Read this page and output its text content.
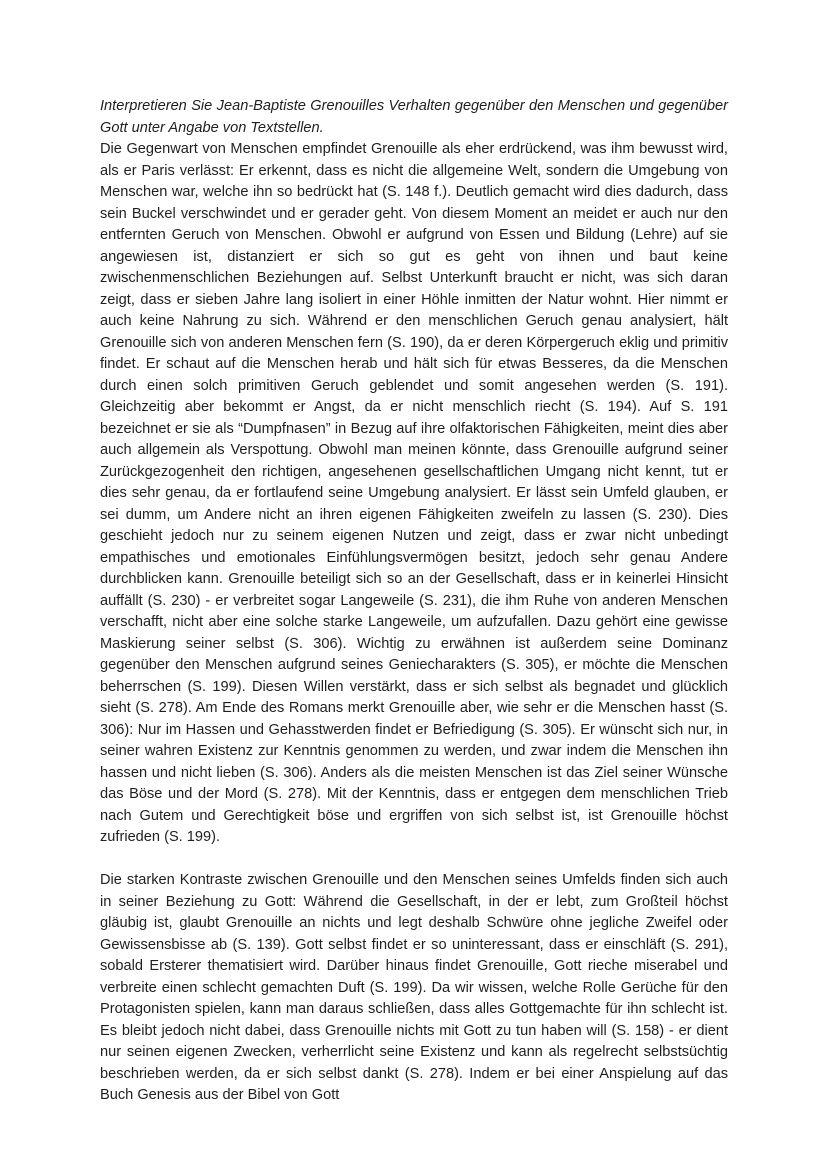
Interpretieren Sie Jean-Baptiste Grenouilles Verhalten gegenüber den Menschen und gegenüber Gott unter Angabe von Textstellen.

Die Gegenwart von Menschen empfindet Grenouille als eher erdrückend, was ihm bewusst wird, als er Paris verlässt: Er erkennt, dass es nicht die allgemeine Welt, sondern die Umgebung von Menschen war, welche ihn so bedrückt hat (S. 148 f.). Deutlich gemacht wird dies dadurch, dass sein Buckel verschwindet und er gerader geht. Von diesem Moment an meidet er auch nur den entfernten Geruch von Menschen. Obwohl er aufgrund von Essen und Bildung (Lehre) auf sie angewiesen ist, distanziert er sich so gut es geht von ihnen und baut keine zwischenmenschlichen Beziehungen auf. Selbst Unterkunft braucht er nicht, was sich daran zeigt, dass er sieben Jahre lang isoliert in einer Höhle inmitten der Natur wohnt. Hier nimmt er auch keine Nahrung zu sich. Während er den menschlichen Geruch genau analysiert, hält Grenouille sich von anderen Menschen fern (S. 190), da er deren Körpergeruch eklig und primitiv findet. Er schaut auf die Menschen herab und hält sich für etwas Besseres, da die Menschen durch einen solch primitiven Geruch geblendet und somit angesehen werden (S. 191). Gleichzeitig aber bekommt er Angst, da er nicht menschlich riecht (S. 194). Auf S. 191 bezeichnet er sie als “Dumpfnasen” in Bezug auf ihre olfaktorischen Fähigkeiten, meint dies aber auch allgemein als Verspottung. Obwohl man meinen könnte, dass Grenouille aufgrund seiner Zurückgezogenheit den richtigen, angesehenen gesellschaftlichen Umgang nicht kennt, tut er dies sehr genau, da er fortlaufend seine Umgebung analysiert. Er lässt sein Umfeld glauben, er sei dumm, um Andere nicht an ihren eigenen Fähigkeiten zweifeln zu lassen (S. 230). Dies geschieht jedoch nur zu seinem eigenen Nutzen und zeigt, dass er zwar nicht unbedingt empathisches und emotionales Einfühlungsvermögen besitzt, jedoch sehr genau Andere durchblicken kann. Grenouille beteiligt sich so an der Gesellschaft, dass er in keinerlei Hinsicht auffällt (S. 230) - er verbreitet sogar Langeweile (S. 231), die ihm Ruhe von anderen Menschen verschafft, nicht aber eine solche starke Langeweile, um aufzufallen. Dazu gehört eine gewisse Maskierung seiner selbst (S. 306). Wichtig zu erwähnen ist außerdem seine Dominanz gegenüber den Menschen aufgrund seines Geniecharakters (S. 305), er möchte die Menschen beherrschen (S. 199). Diesen Willen verstärkt, dass er sich selbst als begnadet und glücklich sieht (S. 278). Am Ende des Romans merkt Grenouille aber, wie sehr er die Menschen hasst (S. 306): Nur im Hassen und Gehasstwerden findet er Befriedigung (S. 305). Er wünscht sich nur, in seiner wahren Existenz zur Kenntnis genommen zu werden, und zwar indem die Menschen ihn hassen und nicht lieben (S. 306). Anders als die meisten Menschen ist das Ziel seiner Wünsche das Böse und der Mord (S. 278). Mit der Kenntnis, dass er entgegen dem menschlichen Trieb nach Gutem und Gerechtigkeit böse und ergriffen von sich selbst ist, ist Grenouille höchst zufrieden (S. 199).

Die starken Kontraste zwischen Grenouille und den Menschen seines Umfelds finden sich auch in seiner Beziehung zu Gott: Während die Gesellschaft, in der er lebt, zum Großteil höchst gläubig ist, glaubt Grenouille an nichts und legt deshalb Schwüre ohne jegliche Zweifel oder Gewissensbisse ab (S. 139). Gott selbst findet er so uninteressant, dass er einschläft (S. 291), sobald Ersterer thematisiert wird. Darüber hinaus findet Grenouille, Gott rieche miserabel und verbreite einen schlecht gemachten Duft (S. 199). Da wir wissen, welche Rolle Gerüche für den Protagonisten spielen, kann man daraus schließen, dass alles Gottgemachte für ihn schlecht ist. Es bleibt jedoch nicht dabei, dass Grenouille nichts mit Gott zu tun haben will (S. 158) - er dient nur seinen eigenen Zwecken, verherrlicht seine Existenz und kann als regelrecht selbstsüchtig beschrieben werden, da er sich selbst dankt (S. 278). Indem er bei einer Anspielung auf das Buch Genesis aus der Bibel von Gott
